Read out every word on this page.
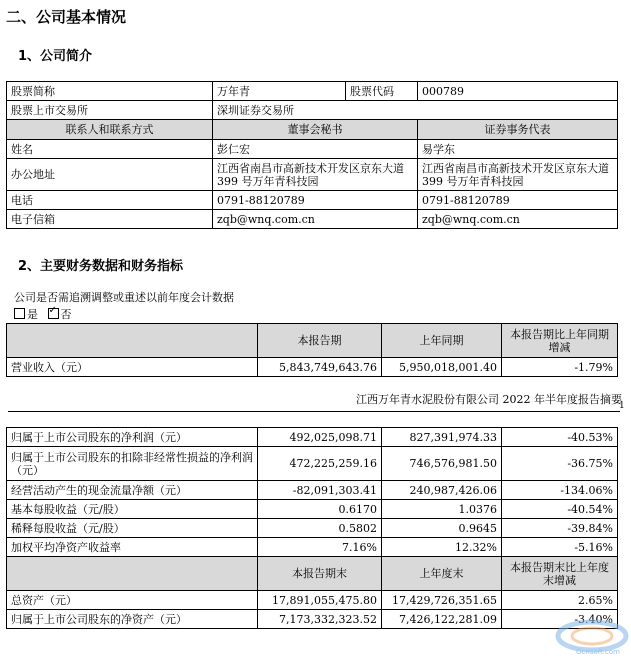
二、公司基本情况
1、公司简介
股票简称	万年青	股票代码	000789
股票上市交易所	深圳证券交易所		
联系人和联系方式	董事会秘书		证券事务代表
姓名	彭仁宏		易学东
办公地址	江西省南昌市高新技术开发区京东大道 399 号万年青科技园		江西省南昌市高新技术开发区京东大道 399 号万年青科技园
电话	0791-88120789		0791-88120789
电子信箱	zqb@wnq.com.cn		zqb@wnq.com.cn
2、主要财务数据和财务指标
公司是否需追溯调整或重述以前年度会计数据
是 ✓ 否
	本报告期	上年同期	本报告期比上年同期增减
营业收入（元）	5,843,749,643.76	5,950,018,001.40	-1.79%
江西万年青水泥股份有限公司 2022 年半年度报告摘要
1
归属于上市公司股东的净利润（元）	492,025,098.71	827,391,974.33	-40.53%
归属于上市公司股东的扣除非经常性损益的净利润（元）	472,225,259.16	746,576,981.50	-36.75%
经营活动产生的现金流量净额（元）	-82,091,303.41	240,987,426.06	-134.06%
基本每股收益（元/股）	0.6170	1.0376	-40.54%
稀释每股收益（元/股）	0.5802	0.9645	-39.84%
加权平均净资产收益率	7.16%	12.32%	-5.16%
	本报告期末	上年度末	本报告期末比上年度末增减
总资产（元）	17,891,055,475.80	17,429,726,351.65	2.65%
归属于上市公司股东的净资产（元）	7,173,332,323.52	7,426,122,281.09	-3.40%
Ocnsoft.com
